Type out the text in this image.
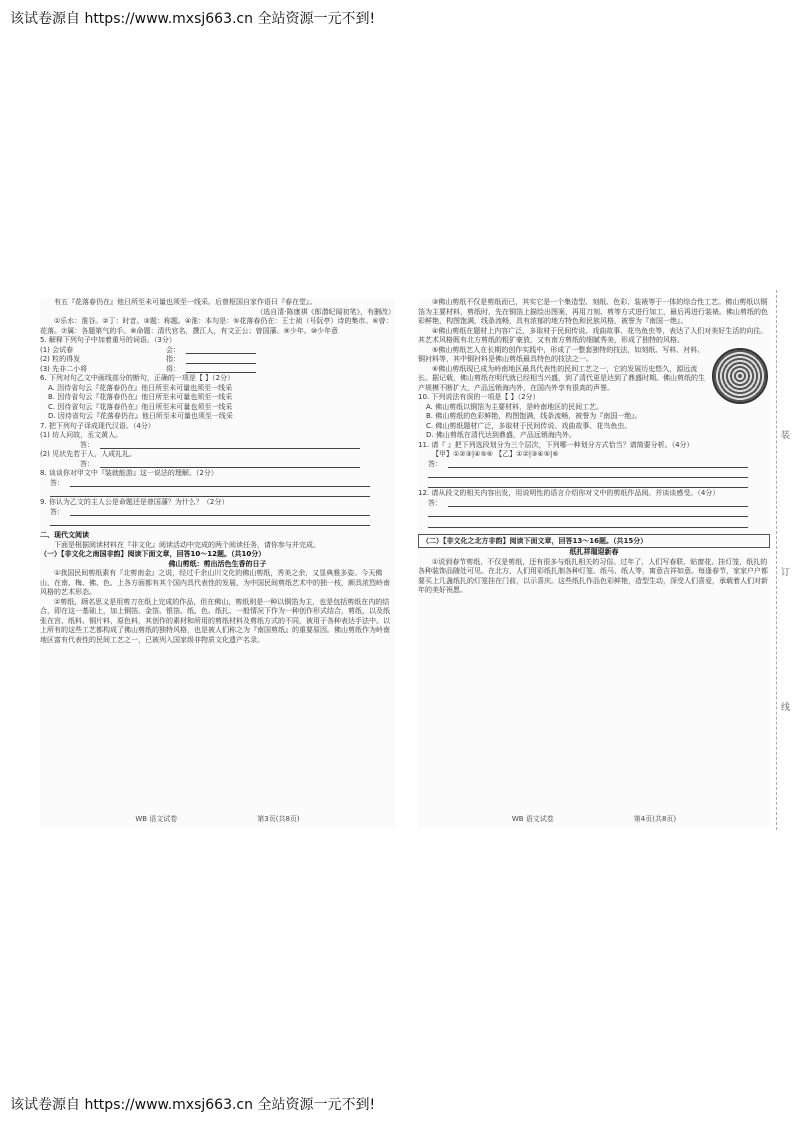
该试卷源自 https://www.mxsj663.cn 全站资源一元不到!

有五『花落春仍在』他日所至未可量也须至一线采。后曾枢国自家作语曰『春在堂』。

（选自清·陈康祺《郎潜纪闻初笔》，有删改）

①乐水：淮谷。②丁：时音。③题：称题。④淮：本句是：⑤花落春仍在：王士祯（号阮亭）诗的集市。⑥曾：花落。⑦属：各题第气的手。⑧命题：清代官名，撰江人，有文正公；曾国藩。⑨少年。⑩少年意

5. 解释下列句子中加着重号的词语。（3分）

(1) 会试春	会：
(2) 粒的得发	指：
(3) 先非二小将	将：

6. 下列对句乙文中画线部分的断句，正确的一项是【 】（2分）

A. 因待省句云『花落春仍在』他日所至未可量也须至一线采

B. 因待省句云『花落春仍在』他日所至未可量也须至一线采

C. 因待省句云『花落春仍在』他日所至未可量也须至一线采

D. 因待省句云『花落春仍在』他日所至未可量也须至一线采

7. 把下列句子译成现代汉语。（4分）

(1) 坊人问故，丞文黄人。

答：

(2) 见状先若于人，人成礼礼。

答：

8. 谈谈你对甲文中『装就能游』这一说法的理解。（2分）

答：

9. 你认为乙文的主人公是命题还是曾国藩？为什么？（2分）

答：

二、现代文阅读

下面是根据阅读材料在『非文化』阅读活动中完成的两个阅读任务，请你参与并完成。

（一）【非文化之南国非韵】阅读下面文章，回答10～12题。（共10分）

佛山剪纸：剪出活色生香的日子

①我国民间剪纸素有『北剪南金』之说，经过千余山川文化的佛山剪纸，秀美之余，又显典雅多姿。今天佛山，在南、梅、佛、色、上各方面都有其个国内具代表性的发展，为中国民间剪纸艺术中的独一枝，颇具浓烈岭南风格的艺术形态。

②剪纸，顾名思义是用剪刀在纸上完成的作品，但在佛山，剪纸则是一种以铜箔为主，也是包括剪纸在内的结合，即在这一基础上，加上铜箔、金箔、银箔、纸、色、纸扎、一般情况下作为一种创作形式结合，剪纸，以及纸张在宫、纸料、铜片料、原色料，其创作的素材和所用的剪纸材料及剪纸方式的不同，被用于各种表达手法中。以上所有的这些工艺都构成了佛山剪纸的独特风格，也是被人们称之为『南国剪纸』的重要原因。佛山剪纸作为岭南地区富有代表性的民间工艺之一，已被列入国家级非物质文化遗产名录。

WB 语文试卷	第3页(共8页)

③佛山剪纸不仅是剪纸而已，其实它是一个集造型、刻纸、色彩、装裱等于一体的综合性工艺。佛山剪纸以铜箔为主要材料，剪纸时，先在铜箔上描绘出图案，再用刀刻、剪等方式进行加工，最后再进行装裱。佛山剪纸的色彩鲜艳，构图饱满，线条流畅，具有浓郁的地方特色和民族风格，被誉为『南国一绝』。

④佛山剪纸在题材上内容广泛，多取材于民间传说、戏曲故事、花鸟鱼虫等，表达了人们对美好生活的向往。其艺术风格既有北方剪纸的粗犷豪放，又有南方剪纸的细腻秀美，形成了独特的风格。

⑤佛山剪纸艺人在长期的创作实践中，形成了一整套独特的技法，如刻纸、写料、衬料、铜衬料等，其中铜衬料是佛山剪纸最具特色的技法之一。

⑥佛山剪纸现已成为岭南地区最具代表性的民间工艺之一，它的发展历史悠久，源远流长。据记载，佛山剪纸在明代就已经相当兴盛，到了清代更是达到了鼎盛时期。佛山剪纸的生产规模不断扩大，产品远销海内外，在国内外享有很高的声誉。

10. 下列说法有误的一项是【 】（2分）

A. 佛山剪纸以铜箔为主要材料，是岭南地区的民间工艺。

B. 佛山剪纸的色彩鲜艳，构图饱满，线条流畅，被誉为『南国一绝』。

C. 佛山剪纸题材广泛，多取材于民间传说、戏曲故事、花鸟鱼虫。

D. 佛山剪纸在清代达到鼎盛，产品远销海内外。

11. 请『 』把下列选段划分为三个层次，下列哪一种划分方式恰当？请简要分析。（4分）

【甲】①②③|④⑤⑥ 【乙】①②|③④⑤|⑥

答：

12. 请从段文的相关内容出发，用说明性的语言介绍你对文中的剪纸作品阅。并谈谈感受。（4分）

答：
（二）【非文化之北方非韵】阅读下面文章，回答13～16题。（共15分）

纸扎祥瑞迎新春

①说到春节剪纸，不仅是剪纸，还有很多与纸扎相关的习俗。过年了，人们写春联、贴窗花、挂灯笼，纸扎的各种装饰品随处可见。在北方，人们用彩纸扎制各种灯笼、纸马、纸人等，寓意吉祥如意。每逢春节，家家户户都要买上几盏纸扎的灯笼挂在门前，以示喜庆。这些纸扎作品色彩鲜艳，造型生动，深受人们喜爱，承载着人们对新年的美好祝愿。

WB 语文试卷	第4页(共8页)
装
订
线
该试卷源自 https://www.mxsj663.cn 全站资源一元不到!
